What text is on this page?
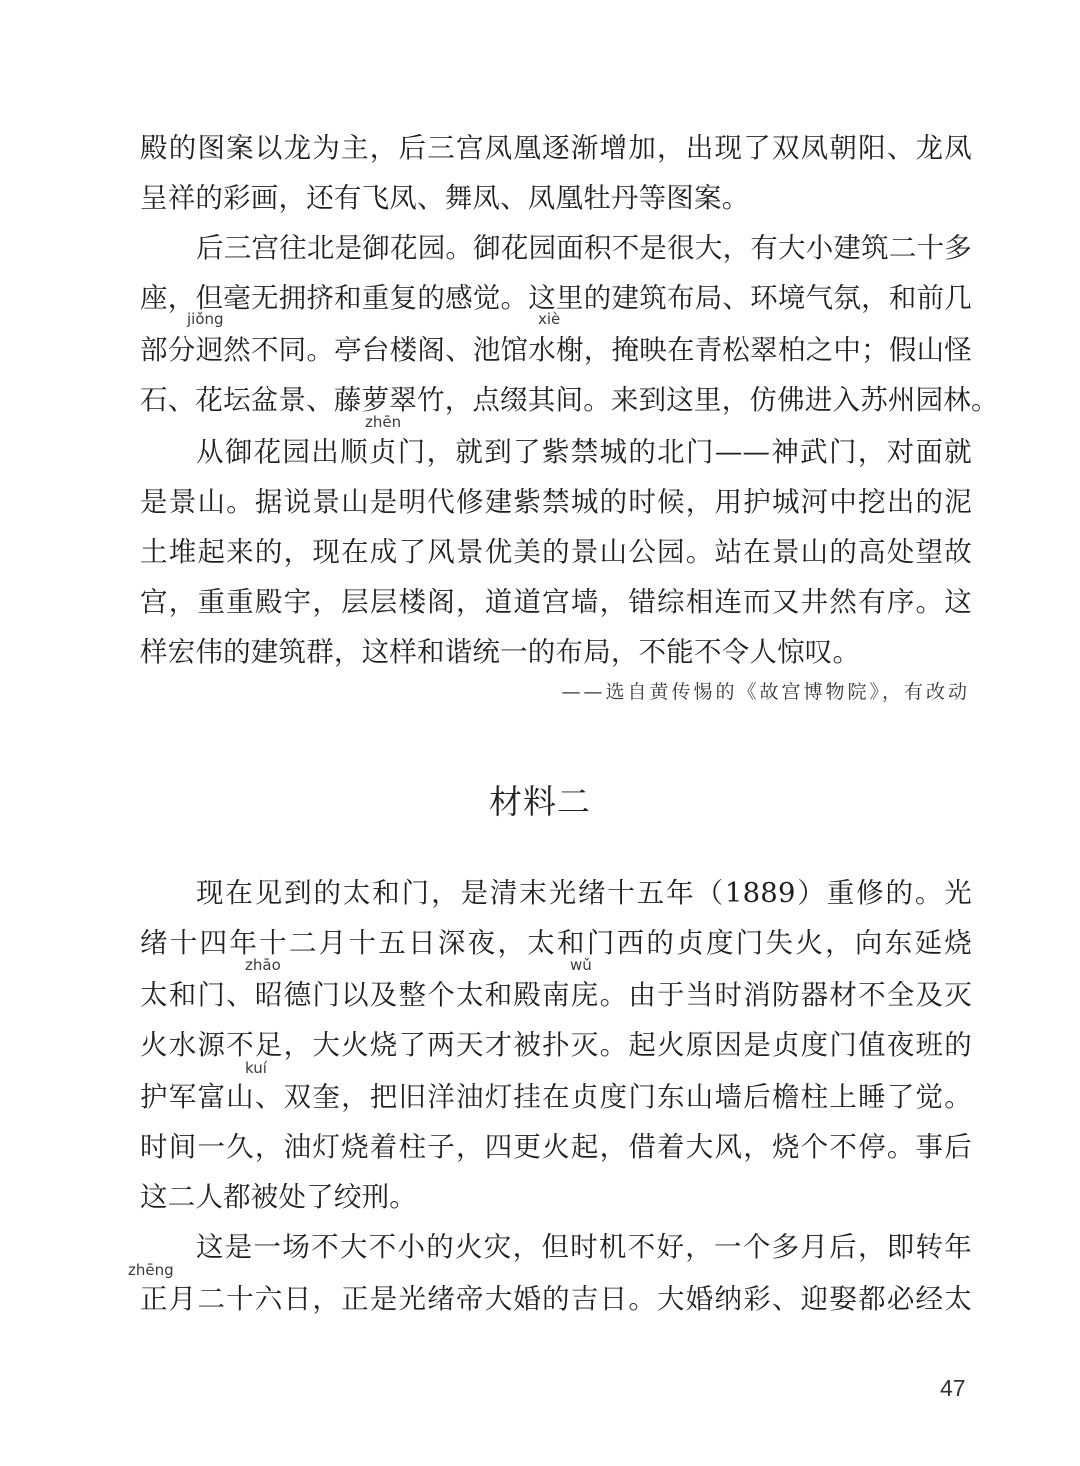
殿的图案以龙为主，后三宫凤凰逐渐增加，出现了双凤朝阳、龙凤
呈祥的彩画，还有飞凤、舞凤、凤凰牡丹等图案。
后三宫往北是御花园。御花园面积不是很大，有大小建筑二十多
座，但毫无拥挤和重复的感觉。这里的建筑布局、环境气氛，和前几
jiǒng	xiè
部分迥然不同。亭台楼阁、池馆水榭，掩映在青松翠柏之中；假山怪
石、花坛盆景、藤萝翠竹，点缀其间。来到这里，仿佛进入苏州园林。
zhēn
从御花园出顺贞门，就到了紫禁城的北门——神武门，对面就
是景山。据说景山是明代修建紫禁城的时候，用护城河中挖出的泥
土堆起来的，现在成了风景优美的景山公园。站在景山的高处望故
宫，重重殿宇，层层楼阁，道道宫墙，错综相连而又井然有序。这
样宏伟的建筑群，这样和谐统一的布局，不能不令人惊叹。
——选自黄传惕的《故宫博物院》，有改动
材料二
现在见到的太和门，是清末光绪十五年（1889）重修的。光
绪十四年十二月十五日深夜，太和门西的贞度门失火，向东延烧
zhāo	wǔ
太和门、昭德门以及整个太和殿南庑。由于当时消防器材不全及灭
火水源不足，大火烧了两天才被扑灭。起火原因是贞度门值夜班的
kuí
护军富山、双奎，把旧洋油灯挂在贞度门东山墙后檐柱上睡了觉。
时间一久，油灯烧着柱子，四更火起，借着大风，烧个不停。事后
这二人都被处了绞刑。
这是一场不大不小的火灾，但时机不好，一个多月后，即转年
zhēng
正月二十六日，正是光绪帝大婚的吉日。大婚纳彩、迎娶都必经太
47
